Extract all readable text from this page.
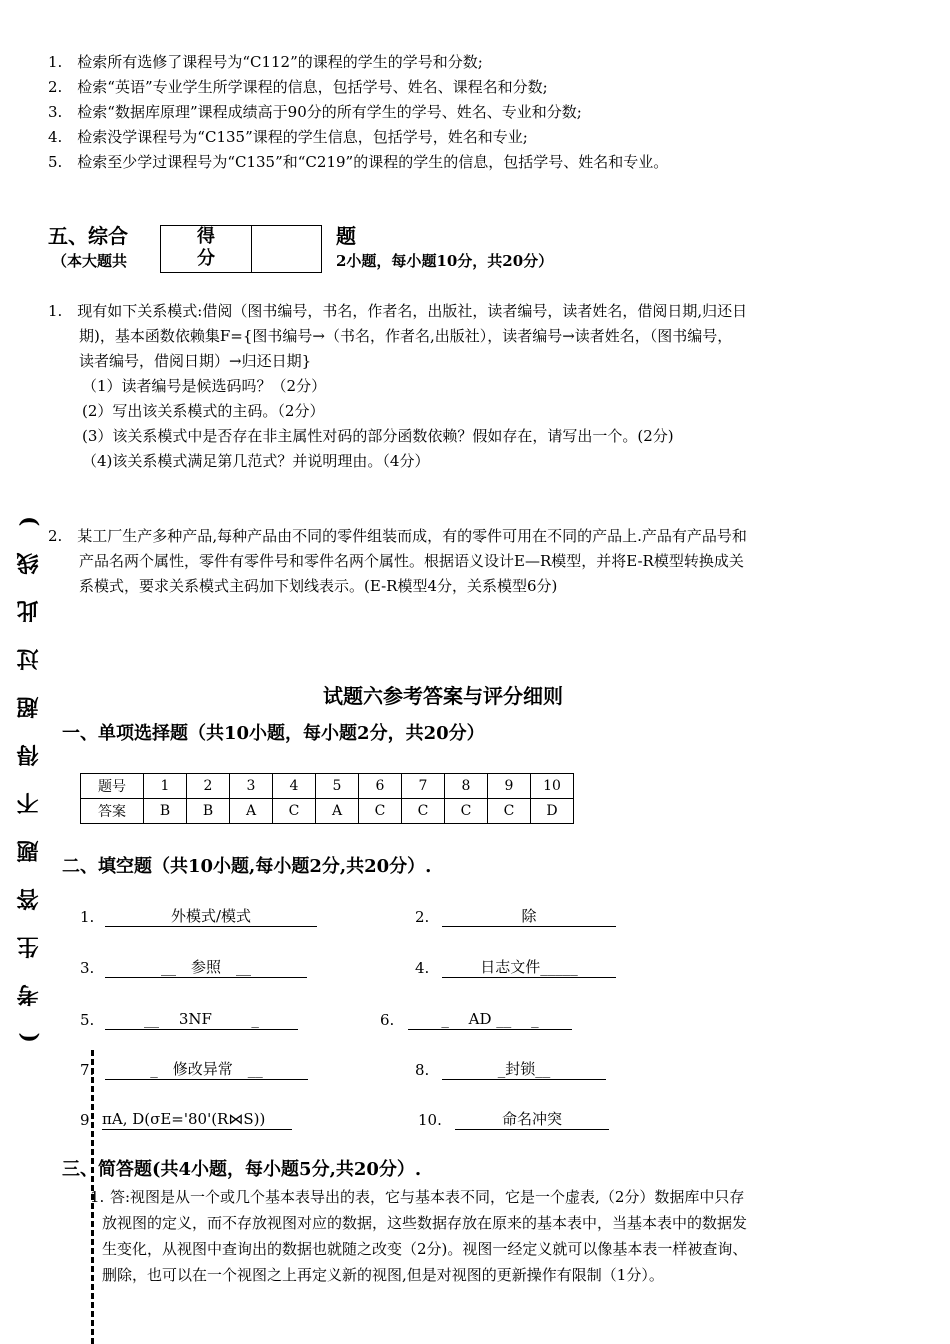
1.　检索所有选修了课程号为“C112”的课程的学生的学号和分数;
2.　检索“英语”专业学生所学课程的信息，包括学号、姓名、课程名和分数;
3.　检索“数据库原理”课程成绩高于90分的所有学生的学号、姓名、专业和分数;
4.　检索没学课程号为“C135”课程的学生信息，包括学号，姓名和专业;
5.　检索至少学过课程号为“C135”和“C219”的课程的学生的信息，包括学号、姓名和专业。
五、综合
（本大题共
得
分
题
2小题，每小题10分，共20分）
1.　现有如下关系模式:借阅（图书编号，书名，作者名，出版社，读者编号，读者姓名，借阅日期,归还日
期)，基本函数依赖集F={图书编号→（书名，作者名,出版社），读者编号→读者姓名，（图书编号，
读者编号，借阅日期）→归还日期}
（1）读者编号是候选码吗？（2分）
(2）写出该关系模式的主码。（2分）
(3）该关系模式中是否存在非主属性对码的部分函数依赖？假如存在，请写出一个。(2分)
（4)该关系模式满足第几范式？并说明理由。（4分）
2.　某工厂生产多种产品,每种产品由不同的零件组装而成，有的零件可用在不同的产品上.产品有产品号和
产品名两个属性，零件有零件号和零件名两个属性。根据语义设计E—R模型，并将E-R模型转换成关
系模式，要求关系模式主码加下划线表示。(E-R模型4分，关系模型6分)
(考生答题不得超过此线)	试题六参考答案与评分细则
一、单项选择题（共10小题，每小题2分，共20分）
题号	1	2	3	4	5	6	7	8	9	10
答案	B	B	A	C	A	C	C	C	C	D
二、填空题（共10小题,每小题2分,共20分）.
1.	外模式/模式	2.	除
3.	__　参照　__	4.	日志文件_____
5.	__　 3NF 　　 _	6.	_　 AD __　 _
7.	_　修改异常　__	8.	_封锁__
9. πA, D(σE='80'(R⋈S))	10.	命名冲突
三、简答题(共4小题，每小题5分,共20分）.
1. 答:视图是从一个或几个基本表导出的表，它与基本表不同，它是一个虚表,（2分）数据库中只存
放视图的定义，而不存放视图对应的数据，这些数据存放在原来的基本表中，当基本表中的数据发
生变化，从视图中查询出的数据也就随之改变（2分)。视图一经定义就可以像基本表一样被查询、
删除，也可以在一个视图之上再定义新的视图,但是对视图的更新操作有限制（1分）。
